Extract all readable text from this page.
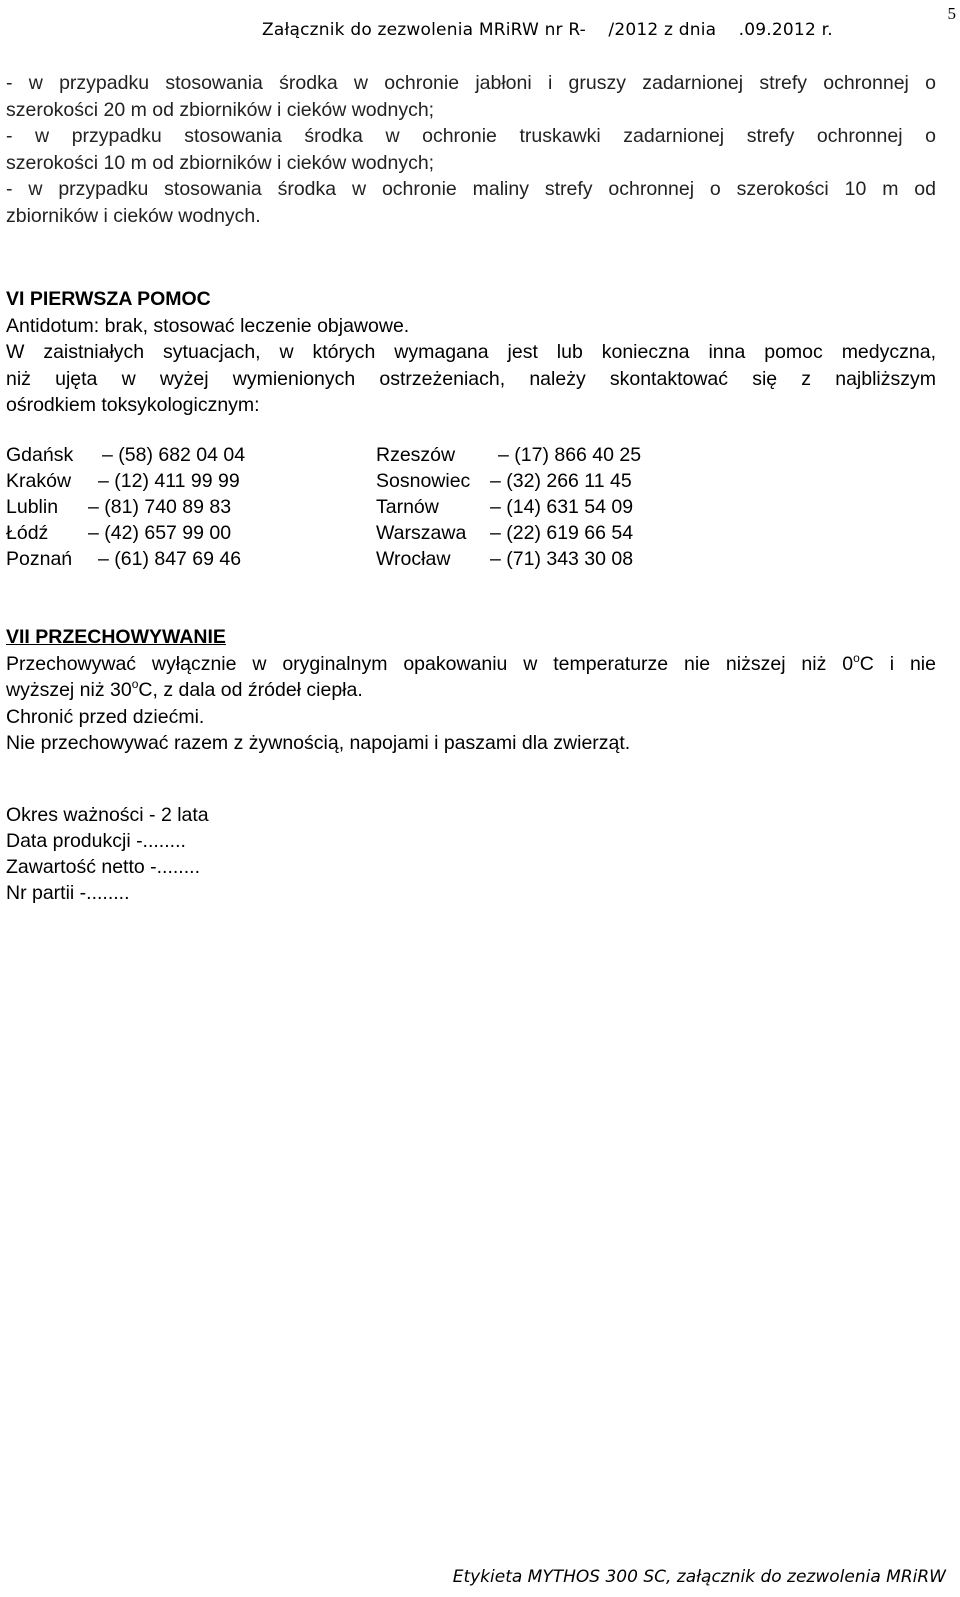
5
Załącznik do zezwolenia MRiRW nr R-    /2012 z dnia    .09.2012 r.
- w przypadku stosowania środka w ochronie jabłoni i gruszy zadarnionej strefy ochronnej o
szerokości 20 m od zbiorników i cieków wodnych;
- w przypadku stosowania środka w ochronie truskawki zadarnionej strefy ochronnej o
szerokości 10 m od zbiorników i cieków wodnych;
- w przypadku stosowania środka w ochronie maliny strefy ochronnej o szerokości 10 m od
zbiorników i cieków wodnych.
VI PIERWSZA POMOC
Antidotum: brak, stosować leczenie objawowe.
W zaistniałych sytuacjach, w których wymagana jest lub konieczna inna pomoc medyczna,
niż ujęta w wyżej wymienionych ostrzeżeniach, należy skontaktować się z najbliższym
ośrodkiem toksykologicznym:
Gdańsk – (58) 682 04 04
Kraków – (12) 411 99 99
Lublin – (81) 740 89 83
Łódź – (42) 657 99 00
Poznań – (61) 847 69 46
Rzeszów – (17) 866 40 25
Sosnowiec – (32) 266 11 45
Tarnów	– (14) 631 54 09
Warszawa – (22) 619 66 54
Wrocław – (71) 343 30 08
VII PRZECHOWYWANIE
Przechowywać wyłącznie w oryginalnym opakowaniu w temperaturze nie niższej niż 0$^o$C i nie
wyższej niż 30$^o$C, z dala od źródeł ciepła.
Chronić przed dziećmi.
Nie przechowywać razem z żywnością, napojami i paszami dla zwierząt.
Okres ważności - 2 lata
Data produkcji -........
Zawartość netto -........
Nr partii -........
Etykieta MYTHOS 300 SC, załącznik do zezwolenia MRiRW
